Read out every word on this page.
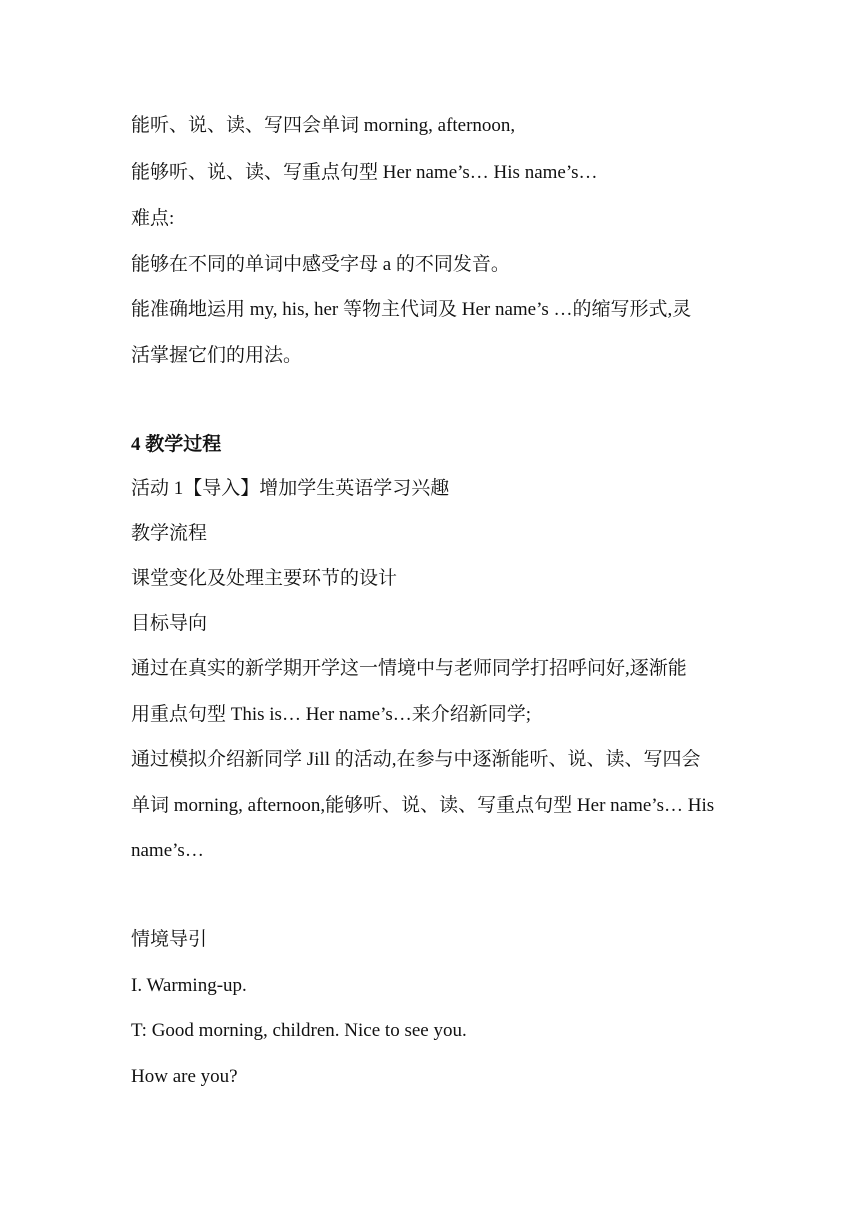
能听、说、读、写四会单词 morning, afternoon,
能够听、说、读、写重点句型 Her name’s… His name’s…
难点:
能够在不同的单词中感受字母 a 的不同发音。
能准确地运用 my, his, her 等物主代词及 Her name’s …的缩写形式,灵
活掌握它们的用法。
4 教学过程
活动 1【导入】增加学生英语学习兴趣
教学流程
课堂变化及处理主要环节的设计
目标导向
通过在真实的新学期开学这一情境中与老师同学打招呼问好,逐渐能
用重点句型 This is… Her name’s…来介绍新同学;
通过模拟介绍新同学 Jill 的活动,在参与中逐渐能听、说、读、写四会
单词 morning, afternoon,能够听、说、读、写重点句型 Her name’s… His
name’s…
情境导引
I. Warming-up.
T: Good morning, children. Nice to see you.
How are you?
